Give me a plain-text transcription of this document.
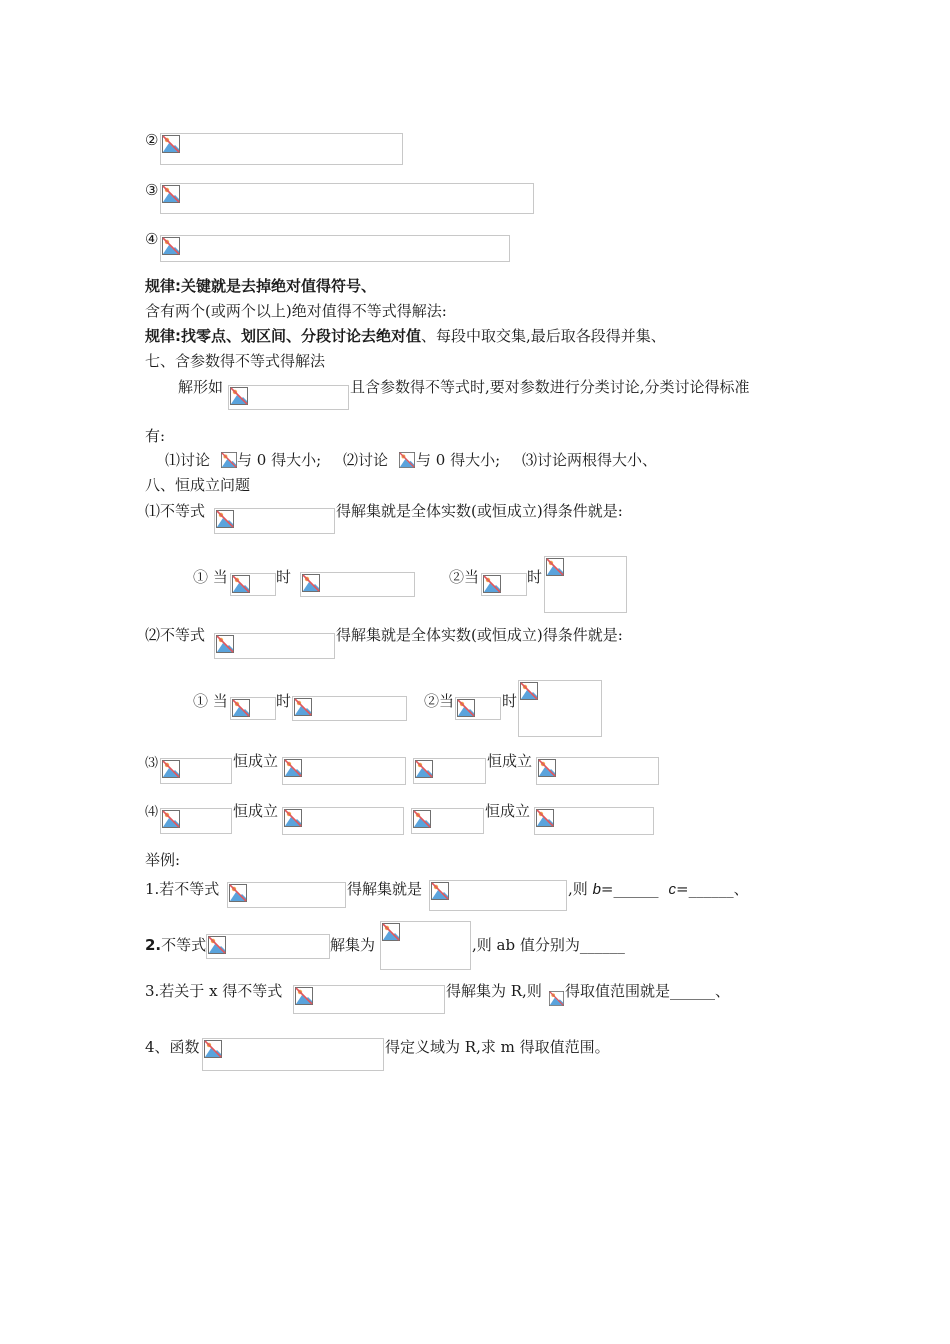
②
③
④
规律:关键就是去掉绝对值得符号、
含有两个(或两个以上)绝对值得不等式得解法:
规律:找零点、划区间、分段讨论去绝对值、每段中取交集,最后取各段得并集、
七、含参数得不等式得解法
解形如	且含参数得不等式时,要对参数进行分类讨论,分类讨论得标准
有:
⑴讨论 与 0 得大小; ⑵讨论 与 0 得大小; ⑶讨论两根得大小、
八、恒成立问题
⑴不等式	得解集就是全体实数(或恒成立)得条件就是:
① 当	时	②当	时
⑵不等式	得解集就是全体实数(或恒成立)得条件就是:
① 当	时	②当	时
⑶	恒成立	恒成立
⑷	恒成立	恒成立
举例:
1.若不等式	得解集就是	,则 b=______ c=______、
2.不等式	解集为	,则 ab 值分别为______
3.若关于 x 得不等式	得解集为 R,则 得取值范围就是______、
4、函数	得定义域为 R,求 m 得取值范围。
